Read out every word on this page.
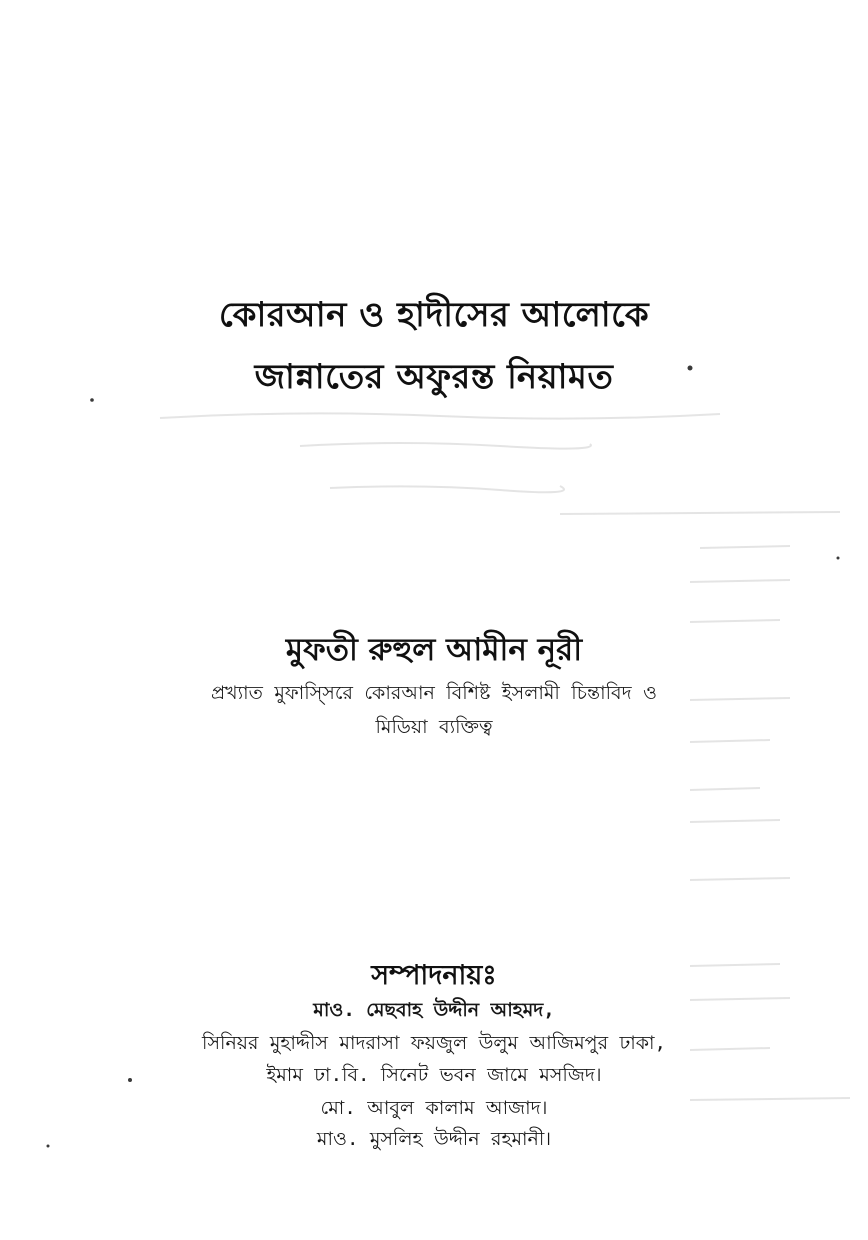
কোরআন ও হাদীসের আলোকে
জান্নাতের অফুরন্ত নিয়ামত
মুফতী রুহুল আমীন নূরী
প্রখ্যাত মুফাস্সিরে কোরআন বিশিষ্ট ইসলামী চিন্তাবিদ ও
মিডিয়া ব্যক্তিত্ব
সম্পাদনায়ঃ
মাও. মেছবাহ উদ্দীন আহমদ,
সিনিয়র মুহাদ্দীস মাদরাসা ফয়জুল উলুম আজিমপুর ঢাকা,
ইমাম ঢা.বি. সিনেট ভবন জামে মসজিদ।
মো. আবুল কালাম আজাদ।
মাও. মুসলিহ উদ্দীন রহমানী।
